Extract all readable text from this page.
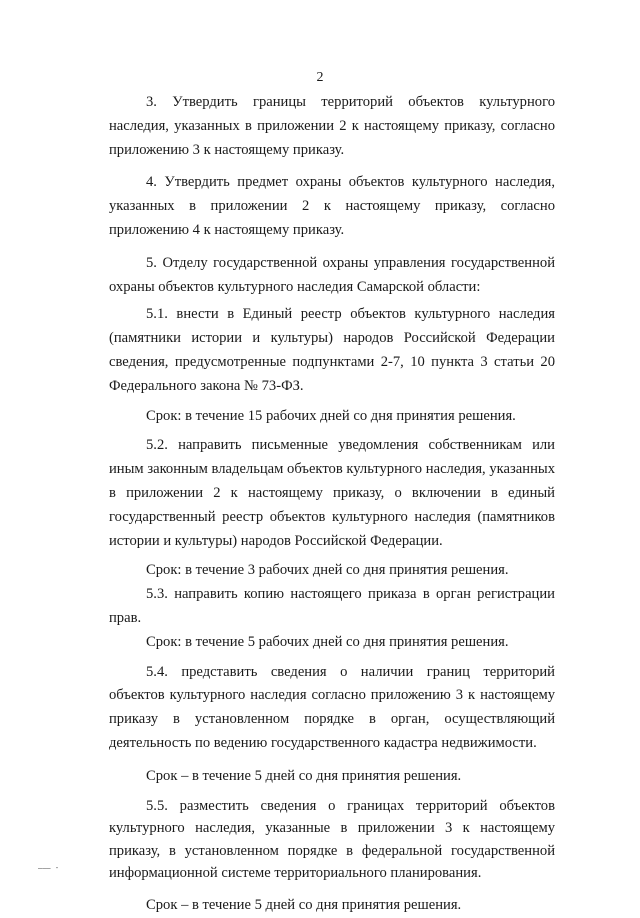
2

3. Утвердить границы территорий объектов культурного наследия, указанных в приложении 2 к настоящему приказу, согласно приложению 3 к настоящему приказу.

4. Утвердить предмет охраны объектов культурного наследия, указанных в приложении 2 к настоящему приказу, согласно приложению 4 к настоящему приказу.

5. Отделу государственной охраны управления государственной охраны объектов культурного наследия Самарской области:

5.1. внести в Единый реестр объектов культурного наследия (памятники истории и культуры) народов Российской Федерации сведения, предусмотренные подпунктами 2-7, 10 пункта 3 статьи 20 Федерального закона № 73-ФЗ.

Срок: в течение 15 рабочих дней со дня принятия решения.

5.2. направить письменные уведомления собственникам или иным законным владельцам объектов культурного наследия, указанных в приложении 2 к настоящему приказу, о включении в единый государственный реестр объектов культурного наследия (памятников истории и культуры) народов Российской Федерации.

Срок: в течение 3 рабочих дней со дня принятия решения.

5.3. направить копию настоящего приказа в орган регистрации прав.

Срок: в течение 5 рабочих дней со дня принятия решения.

5.4. представить сведения о наличии границ территорий объектов культурного наследия согласно приложению 3 к настоящему приказу в установленном порядке в орган, осуществляющий деятельность по ведению государственного кадастра недвижимости.

Срок – в течение 5 дней со дня принятия решения.

5.5. разместить сведения о границах территорий объектов культурного наследия, указанные в приложении 3 к настоящему приказу, в установленном порядке в федеральной государственной информационной системе территориального планирования.

Срок – в течение 5 дней со дня принятия решения.

——— -
